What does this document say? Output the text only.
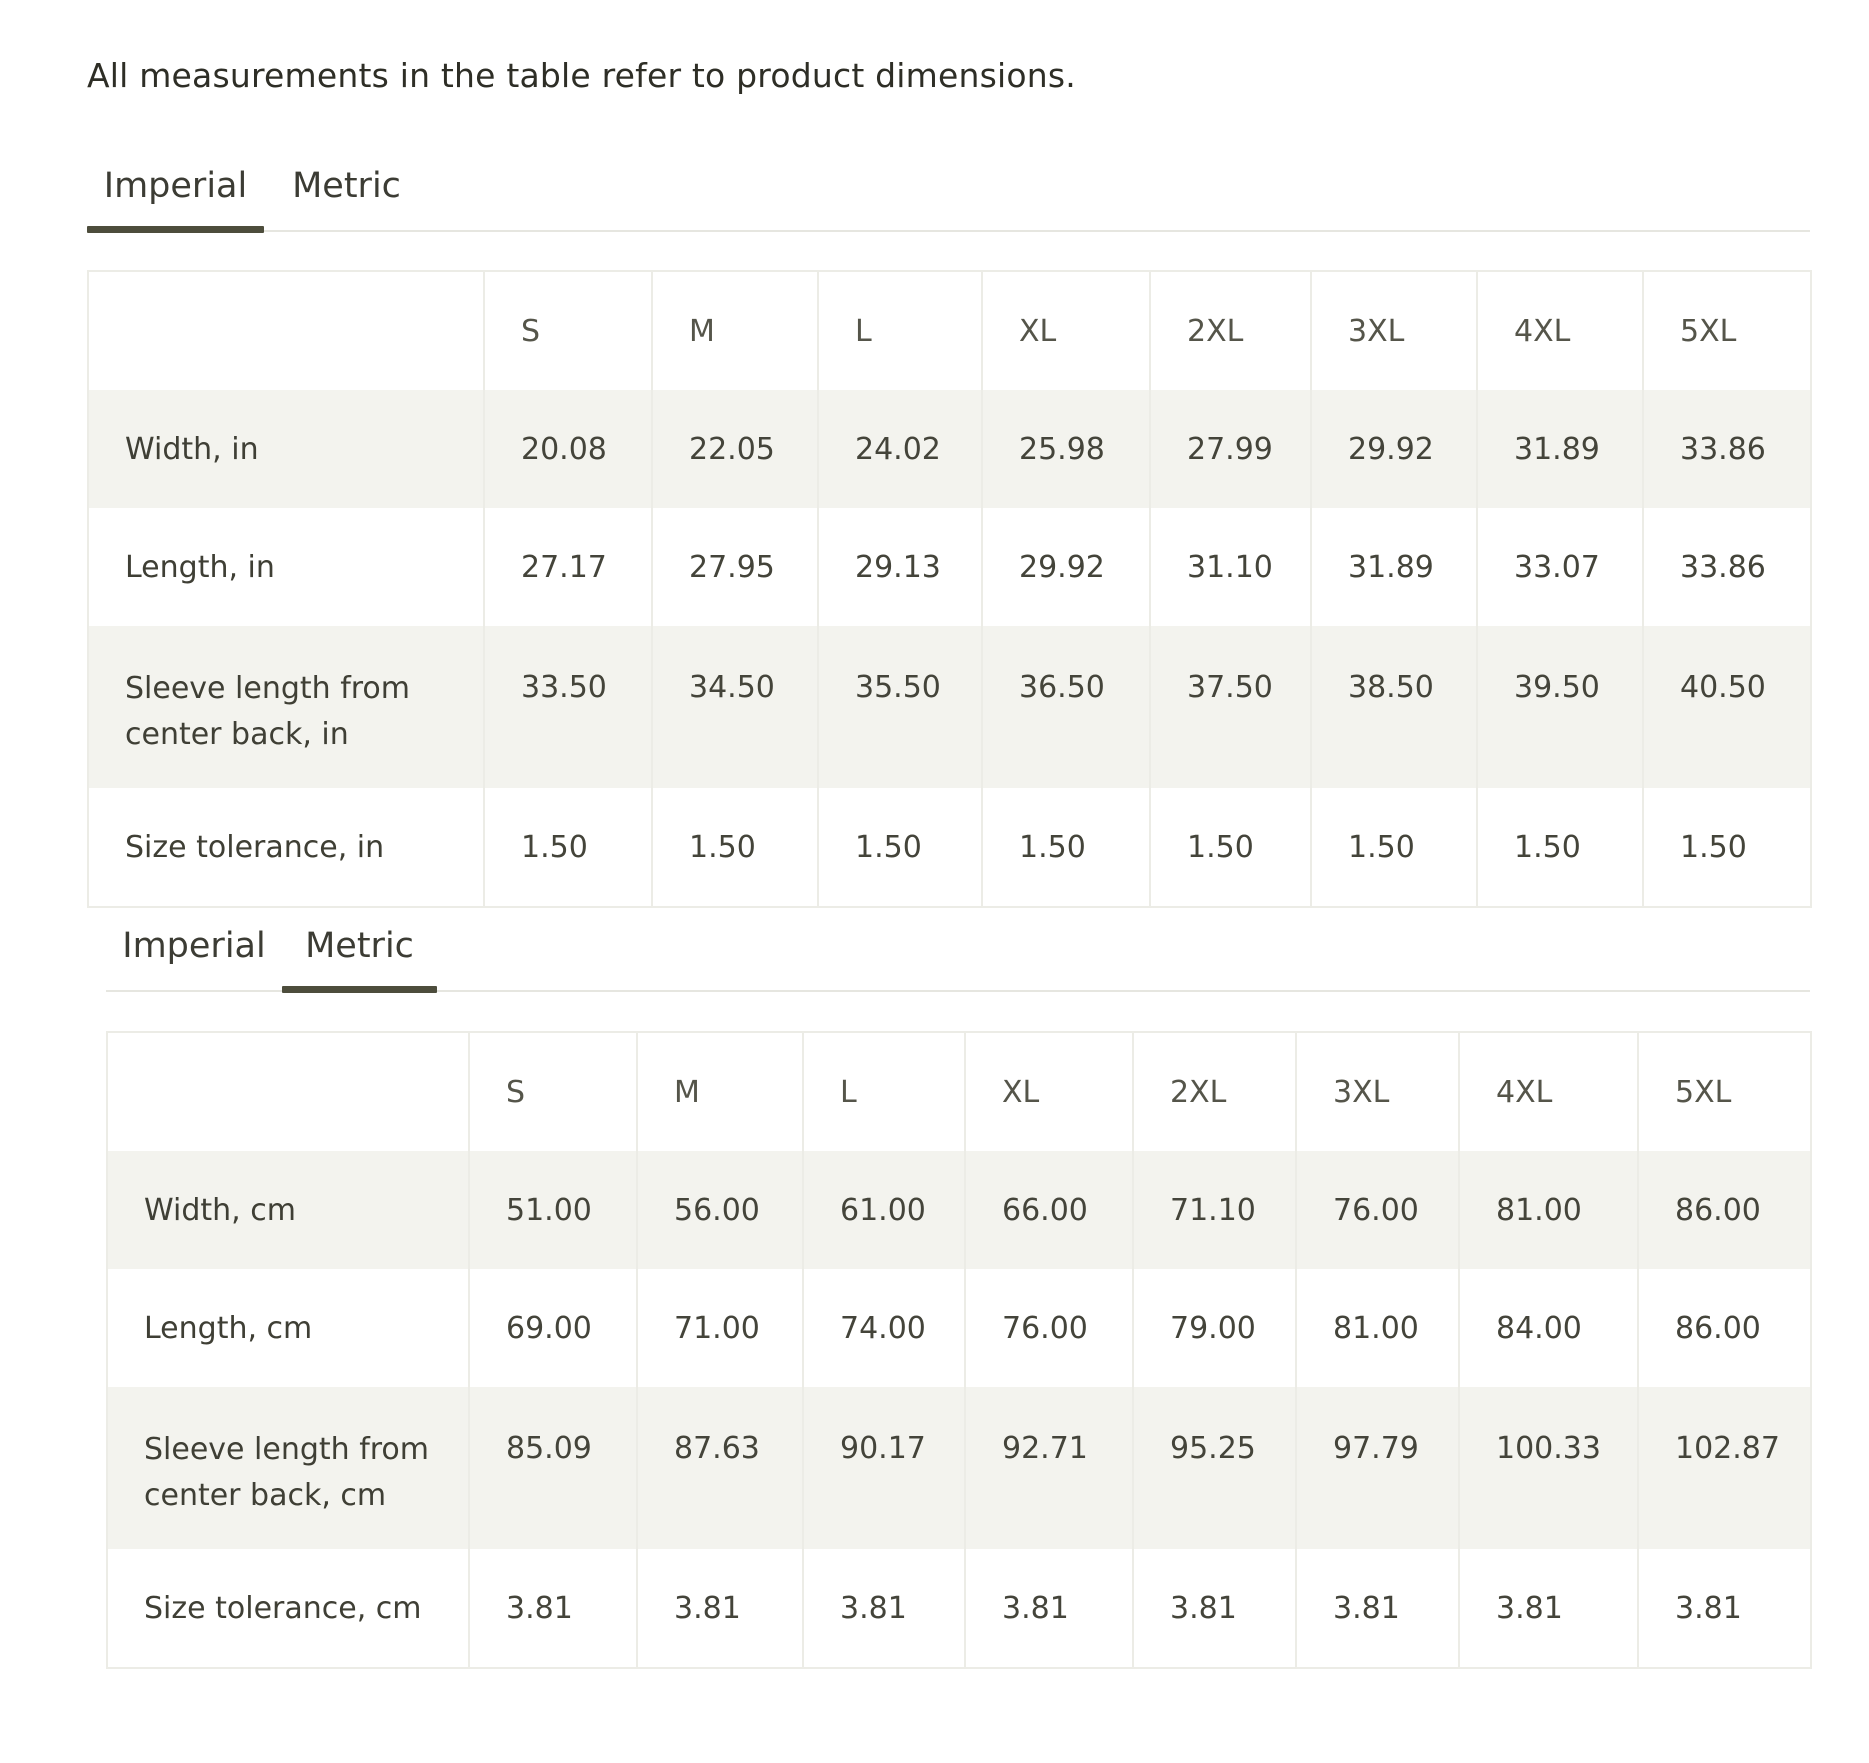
All measurements in the table refer to product dimensions.
Imperial	Metric
	S	M	L	XL	2XL	3XL	4XL	5XL
Width, in	20.08	22.05	24.02	25.98	27.99	29.92	31.89	33.86
Length, in	27.17	27.95	29.13	29.92	31.10	31.89	33.07	33.86
Sleeve length from center back, in	33.50	34.50	35.50	36.50	37.50	38.50	39.50	40.50
Size tolerance, in	1.50	1.50	1.50	1.50	1.50	1.50	1.50	1.50
Imperial	Metric
	S	M	L	XL	2XL	3XL	4XL	5XL
Width, cm	51.00	56.00	61.00	66.00	71.10	76.00	81.00	86.00
Length, cm	69.00	71.00	74.00	76.00	79.00	81.00	84.00	86.00
Sleeve length from center back, cm	85.09	87.63	90.17	92.71	95.25	97.79	100.33	102.87
Size tolerance, cm	3.81	3.81	3.81	3.81	3.81	3.81	3.81	3.81
